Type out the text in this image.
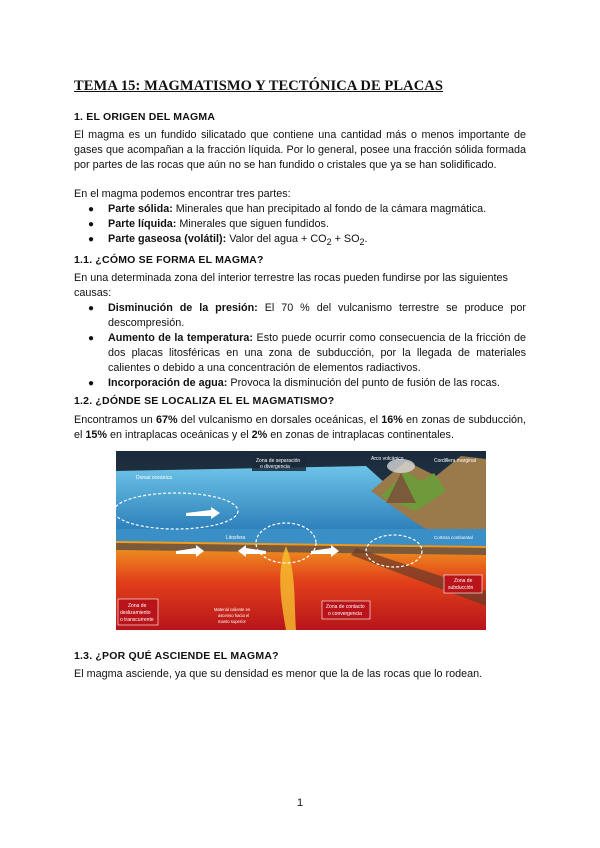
TEMA 15: MAGMATISMO Y TECTÓNICA DE PLACAS
1. EL ORIGEN DEL MAGMA
El magma es un fundido silicatado que contiene una cantidad más o menos importante de gases que acompañan a la fracción líquida. Por lo general, posee una fracción sólida formada por partes de las rocas que aún no se han fundido o cristales que ya se han solidificado.
En el magma podemos encontrar tres partes:
● Parte sólida: Minerales que han precipitado al fondo de la cámara magmática.
● Parte líquida: Minerales que siguen fundidos.
● Parte gaseosa (volátil): Valor del agua + $CO_2 + SO_2$.
1.1. ¿CÓMO SE FORMA EL MAGMA?
En una determinada zona del interior terrestre las rocas pueden fundirse por las siguientes causas:
● Disminución de la presión: El 70 % del vulcanismo terrestre se produce por descompresión.
● Aumento de la temperatura: Esto puede ocurrir como consecuencia de la fricción de dos placas litosféricas en una zona de subducción, por la llegada de materiales calientes o debido a una concentración de elementos radiactivos.
● Incorporación de agua: Provoca la disminución del punto de fusión de las rocas.
1.2. ¿DÓNDE SE LOCALIZA EL EL MAGMATISMO?
Encontramos un 67% del vulcanismo en dorsales oceánicas, el 16% en zonas de subducción, el 15% en intraplacas oceánicas y el 2% en zonas de intraplacas continentales.
Zona de separación
o divergencia
Arco volcánico	Cordillera marginal
Dorsal oceánica
Litosfera	Corteza continental
Zona de
deslizamiento
o transcurrente
Material caliente en
ascenso hacia el
manto superior
Zona de contacto
o convergencia
Zona de
subducción
1.3. ¿POR QUÉ ASCIENDE EL MAGMA?
El magma asciende, ya que su densidad es menor que la de las rocas que lo rodean.
1
